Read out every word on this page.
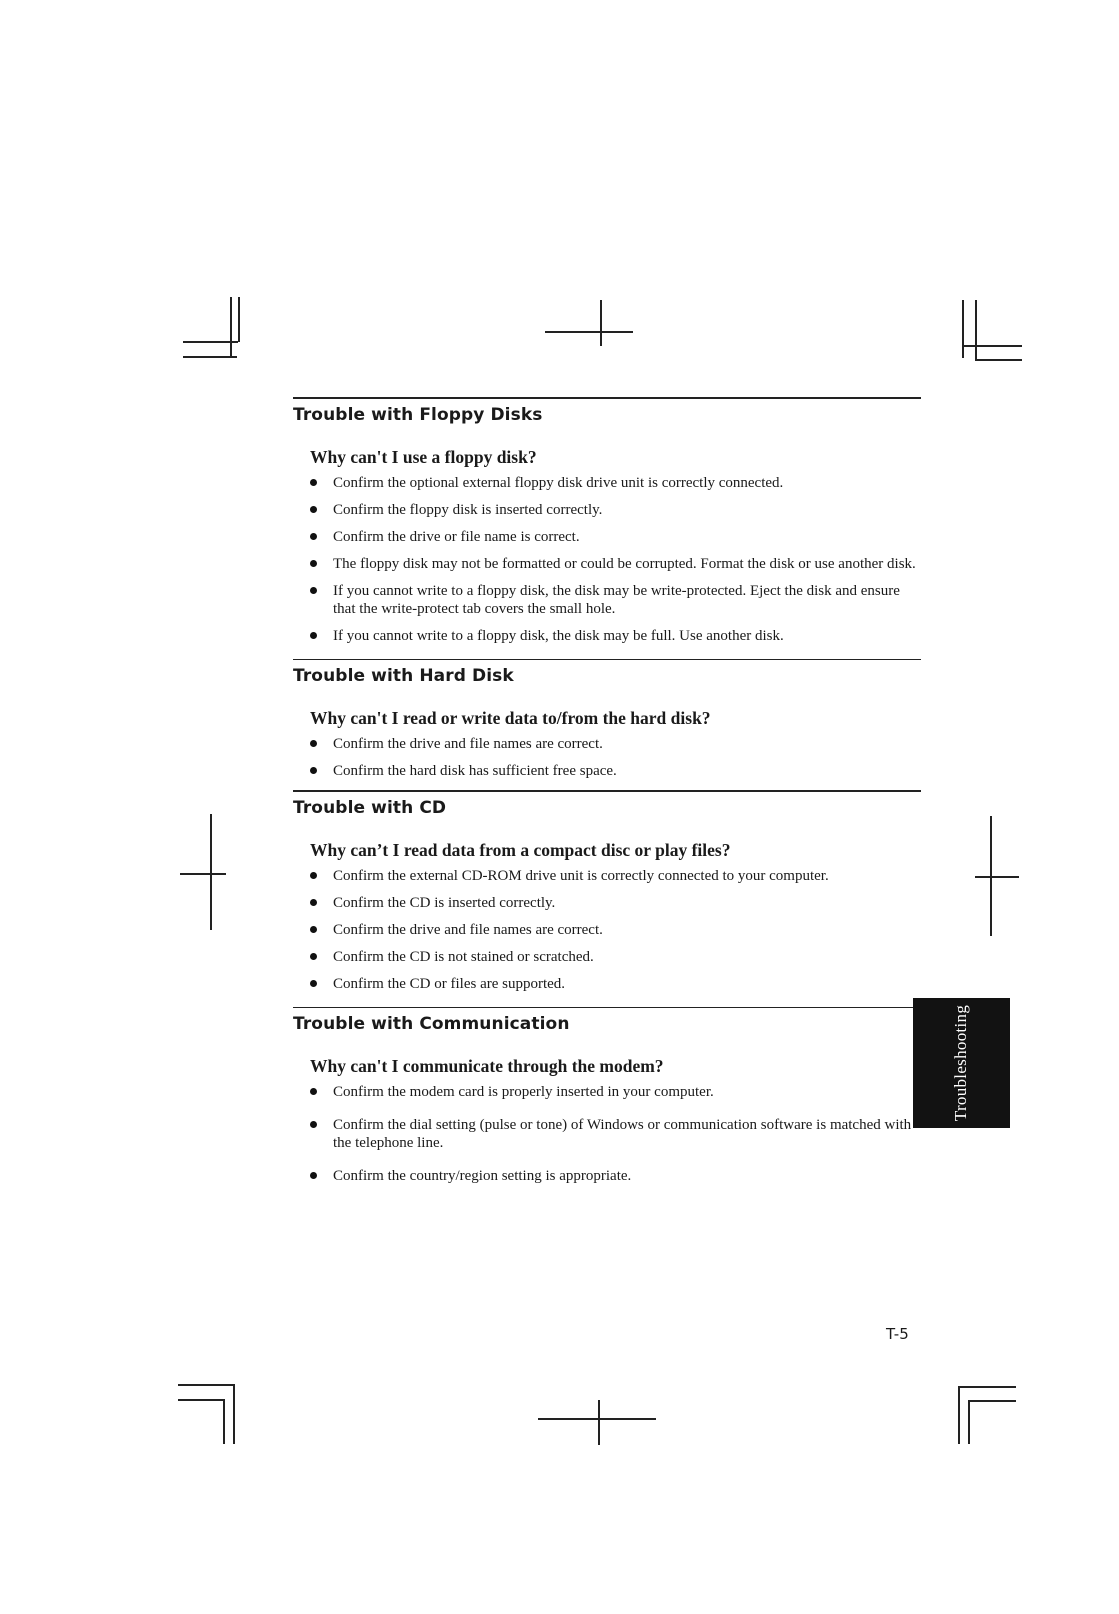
Trouble with Floppy Disks
Why can't I use a floppy disk?
Confirm the optional external floppy disk drive unit is correctly connected.
Confirm the floppy disk is inserted correctly.
Confirm the drive or file name is correct.
The floppy disk may not be formatted or could be corrupted. Format the disk or use another disk.
If you cannot write to a floppy disk, the disk may be write-protected. Eject the disk and ensure that the write-protect tab covers the small hole.
If you cannot write to a floppy disk, the disk may be full. Use another disk.
Trouble with Hard Disk
Why can't I read or write data to/from the hard disk?
Confirm the drive and file names are correct.
Confirm the hard disk has sufficient free space.
Trouble with CD
Why can’t I read data from a compact disc or play files?
Confirm the external CD-ROM drive unit is correctly connected to your computer.
Confirm the CD is inserted correctly.
Confirm the drive and file names are correct.
Confirm the CD is not stained or scratched.
Confirm the CD or files are supported.
Trouble with Communication
Why can't I communicate through the modem?
Confirm the modem card is properly inserted in your computer.
Confirm the dial setting (pulse or tone) of Windows or communication software is matched with the telephone line.
Confirm the country/region setting is appropriate.
Troubleshooting
T-5
